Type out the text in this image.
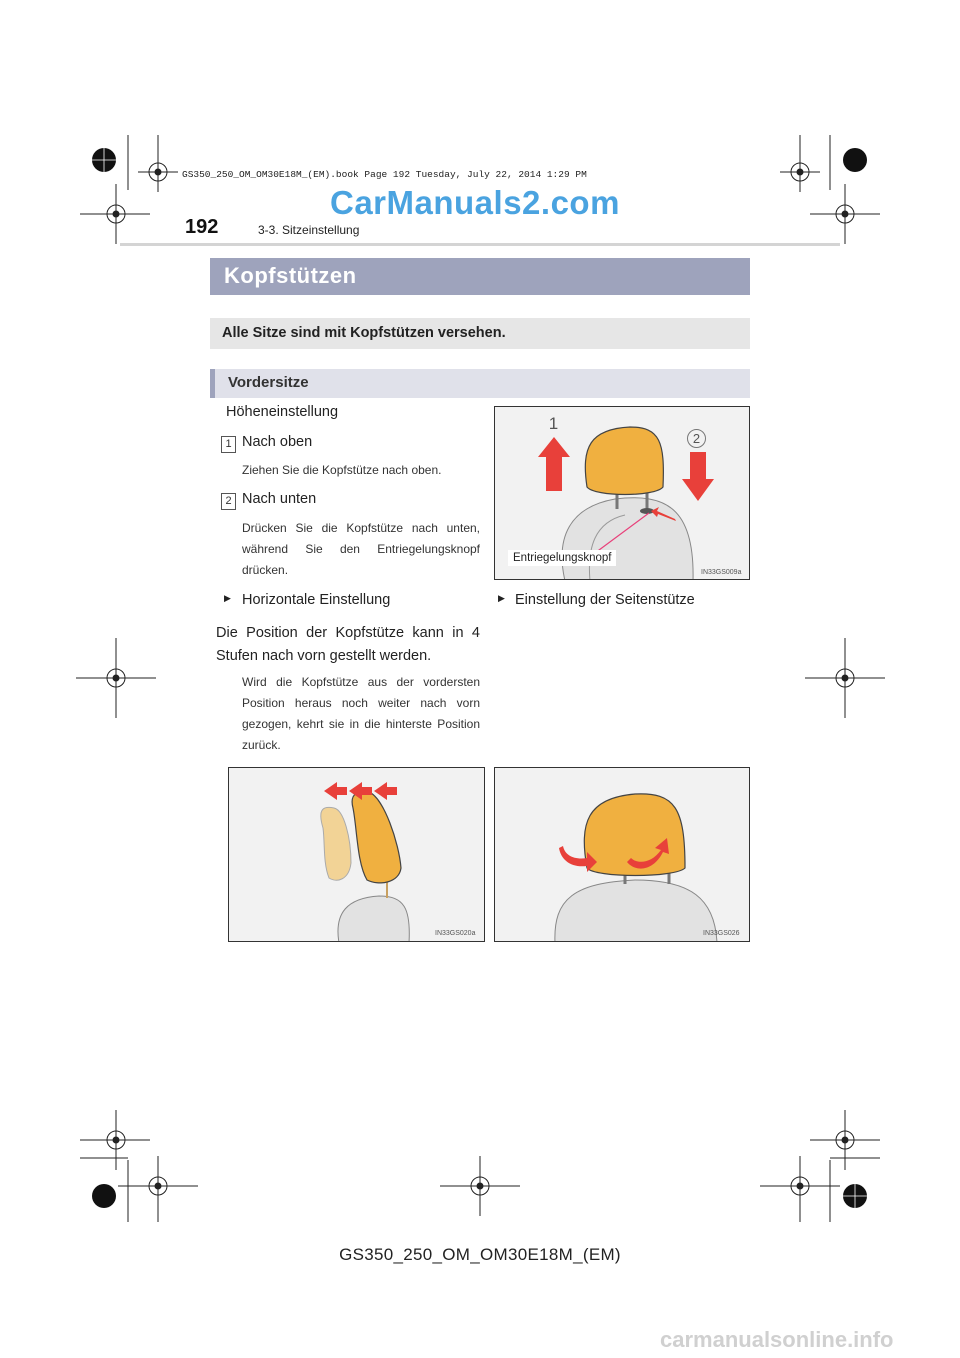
GS350_250_OM_OM30E18M_(EM).book Page 192 Tuesday, July 22, 2014 1:29 PM
CarManuals2.com
192	3-3. Sitzeinstellung
Kopfstützen
Alle Sitze sind mit Kopfstützen versehen.
Vordersitze
Höheneinstellung
1 Nach oben
Ziehen Sie die Kopfstütze nach oben.
2 Nach unten
Drücken Sie die Kopfstütze nach unten, während Sie den Entriegelungsknopf drücken.
1
2
Entriegelungsknopf
IN33GS009a
▶ Horizontale Einstellung
Die Position der Kopfstütze kann in 4 Stufen nach vorn gestellt werden.
Wird die Kopfstütze aus der vordersten Position heraus noch weiter nach vorn gezogen, kehrt sie in die hinterste Position zurück.
▶ Einstellung der Seitenstütze
IN33GS020a	IN33GS026
GS350_250_OM_OM30E18M_(EM)
carmanualsonline.info
